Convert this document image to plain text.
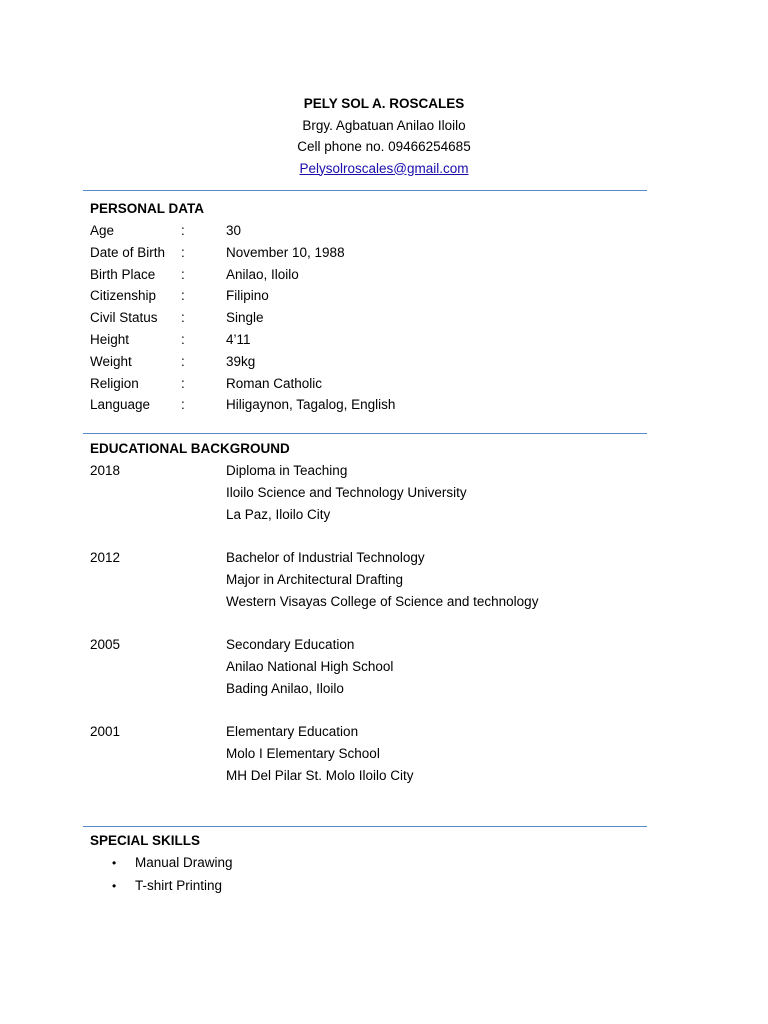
PELY SOL A. ROSCALES
Brgy. Agbatuan Anilao Iloilo
Cell phone no. 09466254685
Pelysolroscales@gmail.com
PERSONAL DATA
Age	:	30
Date of Birth :	November 10, 1988
Birth Place :	Anilao, Iloilo
Citizenship :	Filipino
Civil Status :	Single
Height	:	4’11
Weight	:	39kg
Religion	:	Roman Catholic
Language :	Hiligaynon, Tagalog, English
EDUCATIONAL BACKGROUND
2018	Diploma in Teaching
Iloilo Science and Technology University
La Paz, Iloilo City
2012	Bachelor of Industrial Technology
Major in Architectural Drafting
Western Visayas College of Science and technology
2005	Secondary Education
Anilao National High School
Bading Anilao, Iloilo
2001	Elementary Education
Molo I Elementary School
MH Del Pilar St. Molo Iloilo City
SPECIAL SKILLS
• Manual Drawing
• T-shirt Printing
